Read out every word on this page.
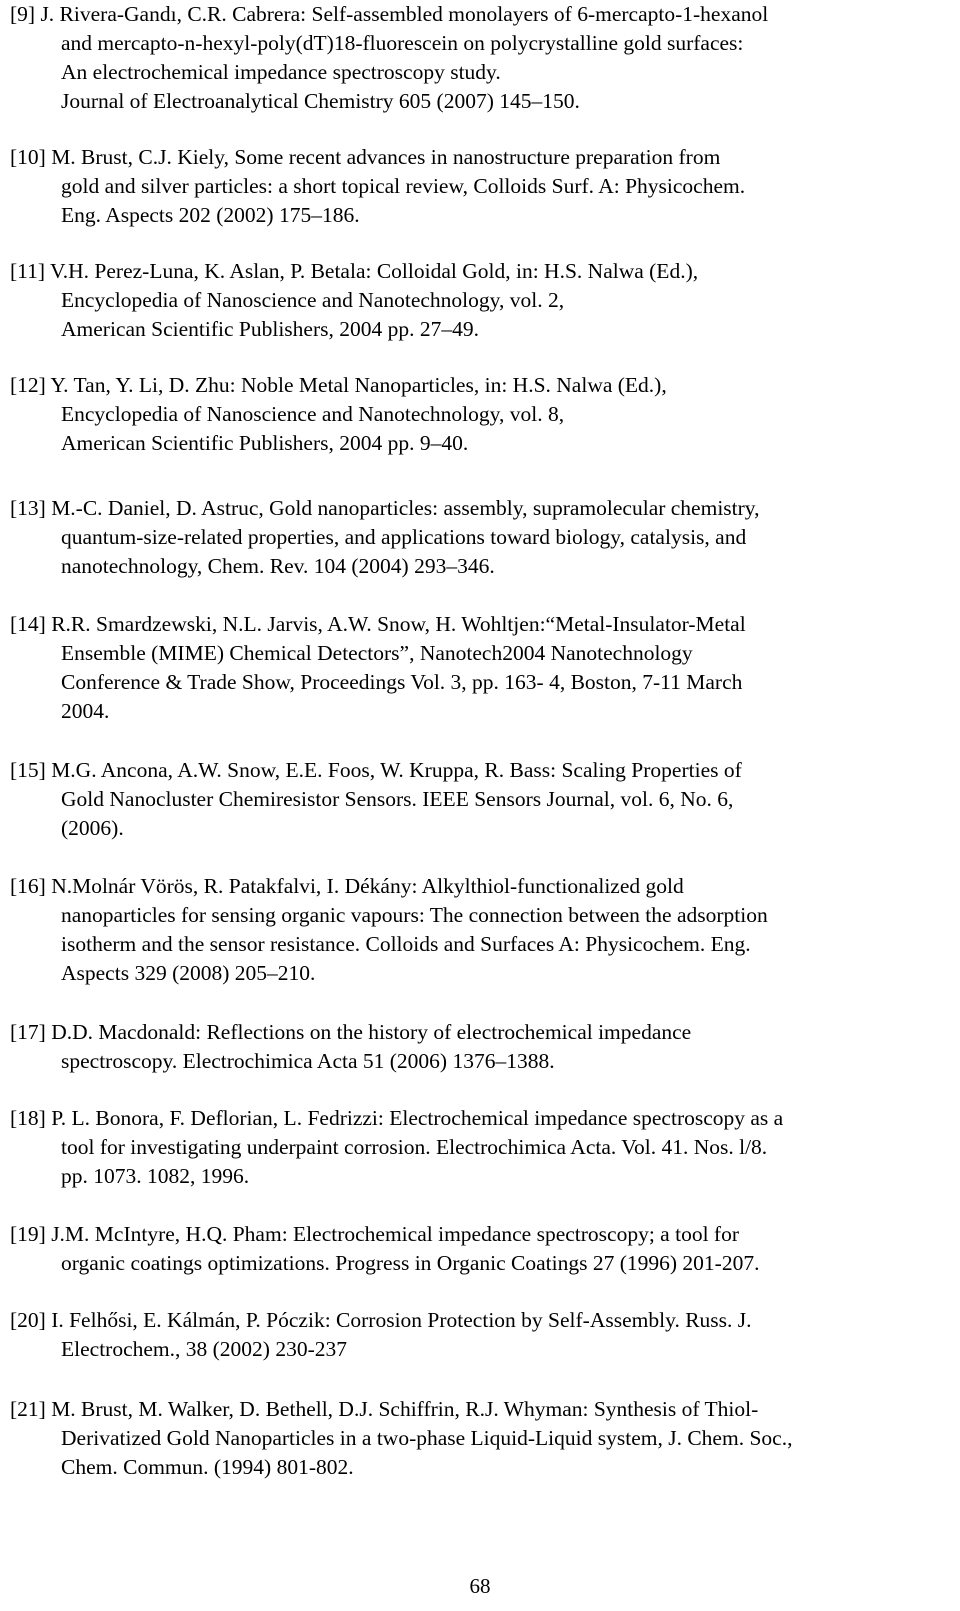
[9] J. Rivera-Gandı, C.R. Cabrera: Self-assembled monolayers of 6-mercapto-1-hexanol
and mercapto-n-hexyl-poly(dT)18-fluorescein on polycrystalline gold surfaces:
An electrochemical impedance spectroscopy study.
Journal of Electroanalytical Chemistry 605 (2007) 145–150.
[10] M. Brust, C.J. Kiely, Some recent advances in nanostructure preparation from
gold and silver particles: a short topical review, Colloids Surf. A: Physicochem.
Eng. Aspects 202 (2002) 175–186.
[11] V.H. Perez-Luna, K. Aslan, P. Betala: Colloidal Gold, in: H.S. Nalwa (Ed.),
Encyclopedia of Nanoscience and Nanotechnology, vol. 2,
American Scientific Publishers, 2004 pp. 27–49.
[12] Y. Tan, Y. Li, D. Zhu: Noble Metal Nanoparticles, in: H.S. Nalwa (Ed.),
Encyclopedia of Nanoscience and Nanotechnology, vol. 8,
American Scientific Publishers, 2004 pp. 9–40.
[13] M.-C. Daniel, D. Astruc, Gold nanoparticles: assembly, supramolecular chemistry,
quantum-size-related properties, and applications toward biology, catalysis, and
nanotechnology, Chem. Rev. 104 (2004) 293–346.
[14] R.R. Smardzewski, N.L. Jarvis, A.W. Snow, H. Wohltjen:“Metal-Insulator-Metal
Ensemble (MIME) Chemical Detectors”, Nanotech2004 Nanotechnology
Conference & Trade Show, Proceedings Vol. 3, pp. 163- 4, Boston, 7-11 March
2004.
[15] M.G. Ancona, A.W. Snow, E.E. Foos, W. Kruppa, R. Bass: Scaling Properties of
Gold Nanocluster Chemiresistor Sensors. IEEE Sensors Journal, vol. 6, No. 6,
(2006).
[16] N.Molnár Vörös, R. Patakfalvi, I. Dékány: Alkylthiol-functionalized gold
nanoparticles for sensing organic vapours: The connection between the adsorption
isotherm and the sensor resistance. Colloids and Surfaces A: Physicochem. Eng.
Aspects 329 (2008) 205–210.
[17] D.D. Macdonald: Reflections on the history of electrochemical impedance
spectroscopy. Electrochimica Acta 51 (2006) 1376–1388.
[18] P. L. Bonora, F. Deflorian, L. Fedrizzi: Electrochemical impedance spectroscopy as a
tool for investigating underpaint corrosion. Electrochimica Acta. Vol. 41. Nos. l/8.
pp. 1073. 1082, 1996.
[19] J.M. McIntyre, H.Q. Pham: Electrochemical impedance spectroscopy; a tool for
organic coatings optimizations. Progress in Organic Coatings 27 (1996) 201-207.
[20] I. Felhősi, E. Kálmán, P. Póczik: Corrosion Protection by Self-Assembly. Russ. J.
Electrochem., 38 (2002) 230-237
[21] M. Brust, M. Walker, D. Bethell, D.J. Schiffrin, R.J. Whyman: Synthesis of Thiol-
Derivatized Gold Nanoparticles in a two-phase Liquid-Liquid system, J. Chem. Soc.,
Chem. Commun. (1994) 801-802.
68
